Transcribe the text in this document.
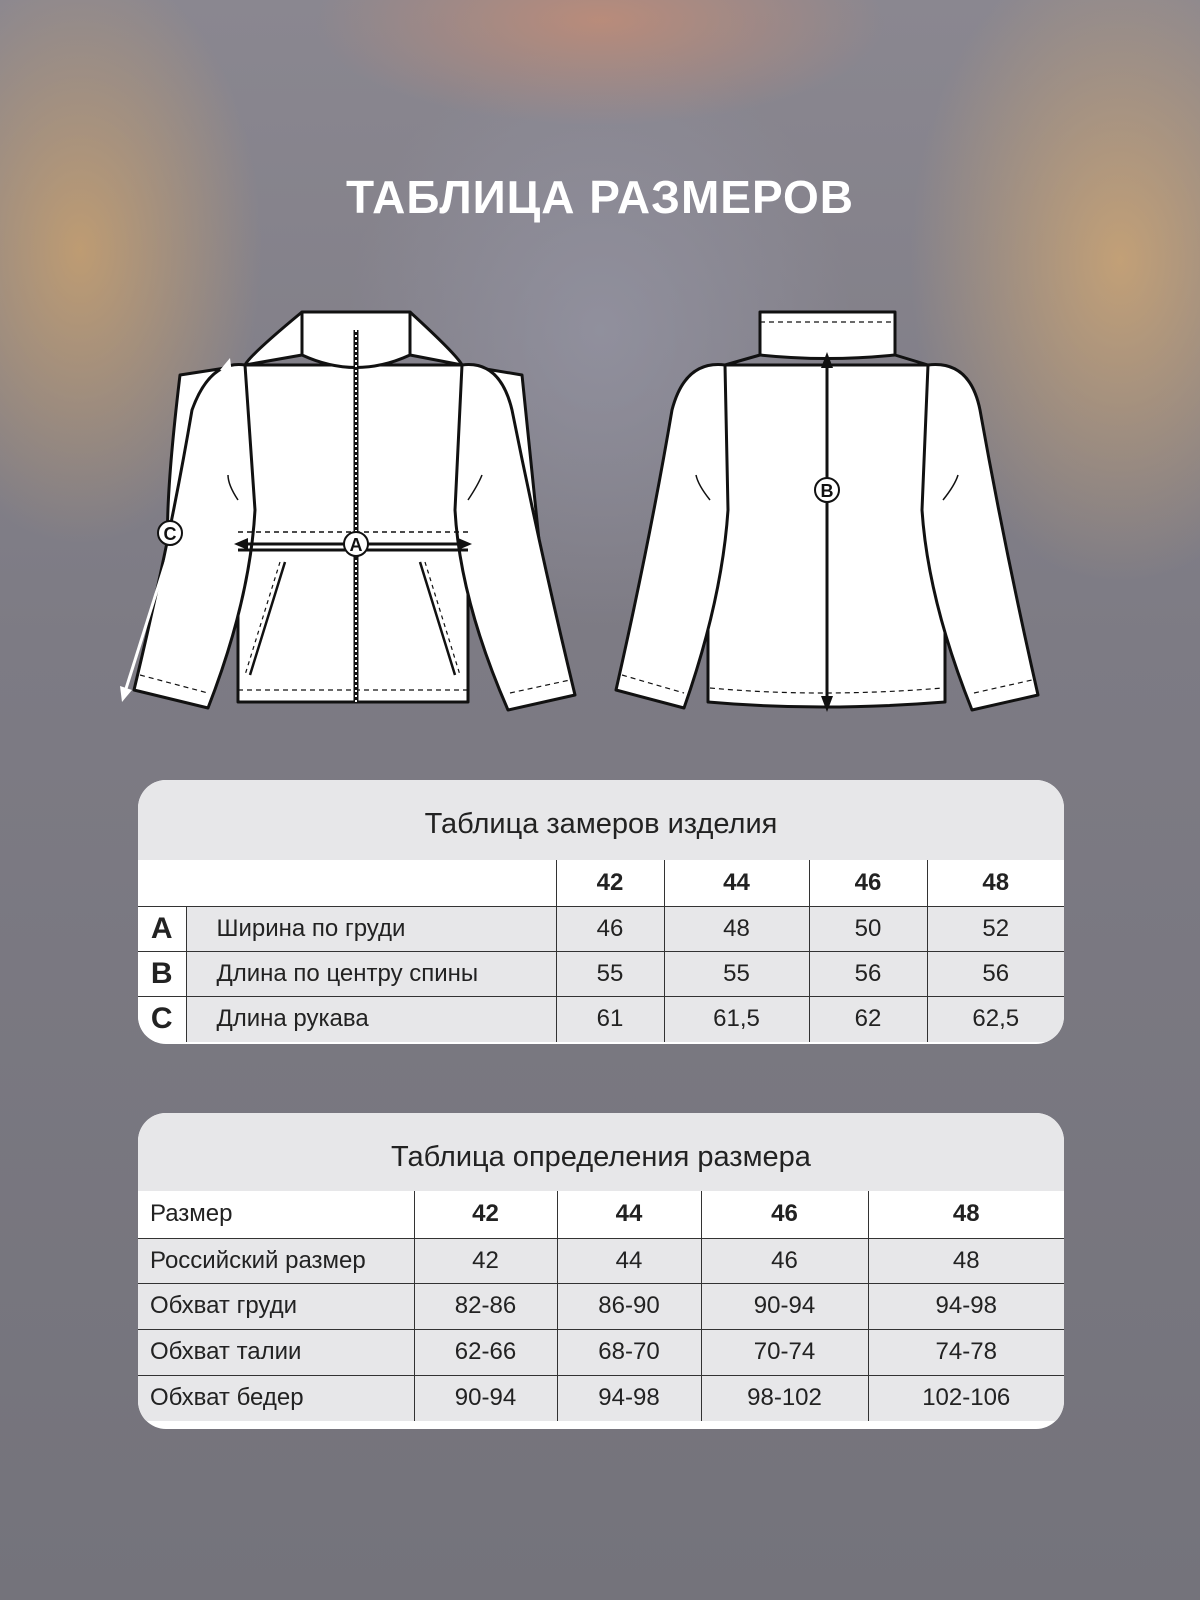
ТАБЛИЦА РАЗМЕРОВ
A
C
B
Таблица замеров изделия
		42	44	46	48
A	Ширина по груди	46	48	50	52
B	Длина по центру спины	55	55	56	56
C	Длина рукава	61	61,5	62	62,5
Таблица определения размера
Размер	42	44	46	48
Российский размер	42	44	46	48
Обхват груди	82-86	86-90	90-94	94-98
Обхват талии	62-66	68-70	70-74	74-78
Обхват бедер	90-94	94-98	98-102	102-106
